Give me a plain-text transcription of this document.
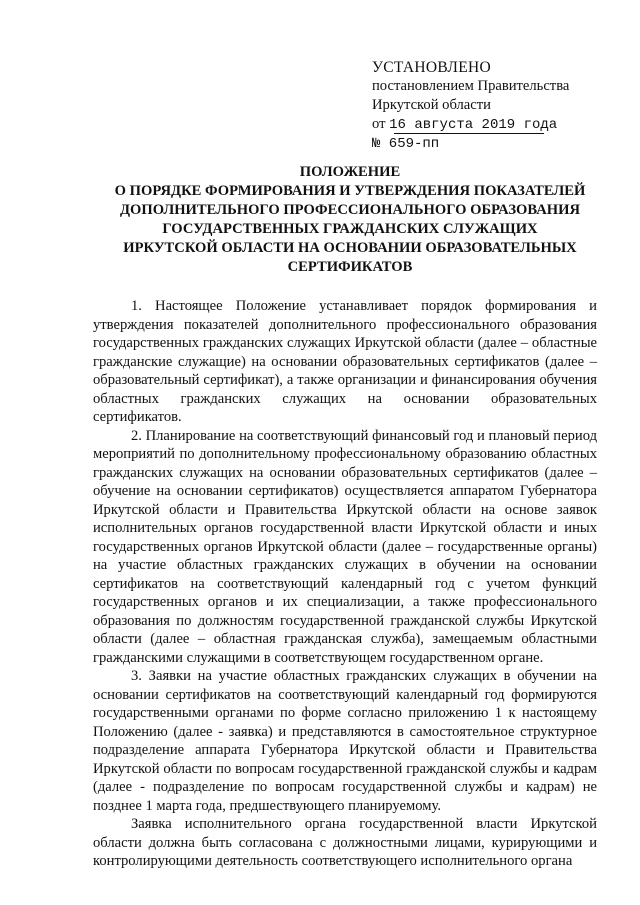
УСТАНОВЛЕНО
постановлением Правительства
Иркутской области
от 16 августа 2019 года
№ 659-пп
ПОЛОЖЕНИЕ
О ПОРЯДКЕ ФОРМИРОВАНИЯ И УТВЕРЖДЕНИЯ ПОКАЗАТЕЛЕЙ
ДОПОЛНИТЕЛЬНОГО ПРОФЕССИОНАЛЬНОГО ОБРАЗОВАНИЯ
ГОСУДАРСТВЕННЫХ ГРАЖДАНСКИХ СЛУЖАЩИХ
ИРКУТСКОЙ ОБЛАСТИ НА ОСНОВАНИИ ОБРАЗОВАТЕЛЬНЫХ
СЕРТИФИКАТОВ

1. Настоящее Положение устанавливает порядок формирования и утверждения показателей дополнительного профессионального образования государственных гражданских служащих Иркутской области (далее – областные гражданские служащие) на основании образовательных сертификатов (далее – образовательный сертификат), а также организации и финансирования обучения областных гражданских служащих на основании образовательных сертификатов.

2. Планирование на соответствующий финансовый год и плановый период мероприятий по дополнительному профессиональному образованию областных гражданских служащих на основании образовательных сертификатов (далее – обучение на основании сертификатов) осуществляется аппаратом Губернатора Иркутской области и Правительства Иркутской области на основе заявок исполнительных органов государственной власти Иркутской области и иных государственных органов Иркутской области (далее – государственные органы) на участие областных гражданских служащих в обучении на основании сертификатов на соответствующий календарный год с учетом функций государственных органов и их специализации, а также профессионального образования по должностям государственной гражданской службы Иркутской области (далее – областная гражданская служба), замещаемым областными гражданскими служащими в соответствующем государственном органе.

3. Заявки на участие областных гражданских служащих в обучении на основании сертификатов на соответствующий календарный год формируются государственными органами по форме согласно приложению 1 к настоящему Положению (далее - заявка) и представляются в самостоятельное структурное подразделение аппарата Губернатора Иркутской области и Правительства Иркутской области по вопросам государственной гражданской службы и кадрам (далее - подразделение по вопросам государственной службы и кадрам) не позднее 1 марта года, предшествующего планируемому.

Заявка исполнительного органа государственной власти Иркутской области должна быть согласована с должностными лицами, курирующими и контролирующими деятельность соответствующего исполнительного органа
